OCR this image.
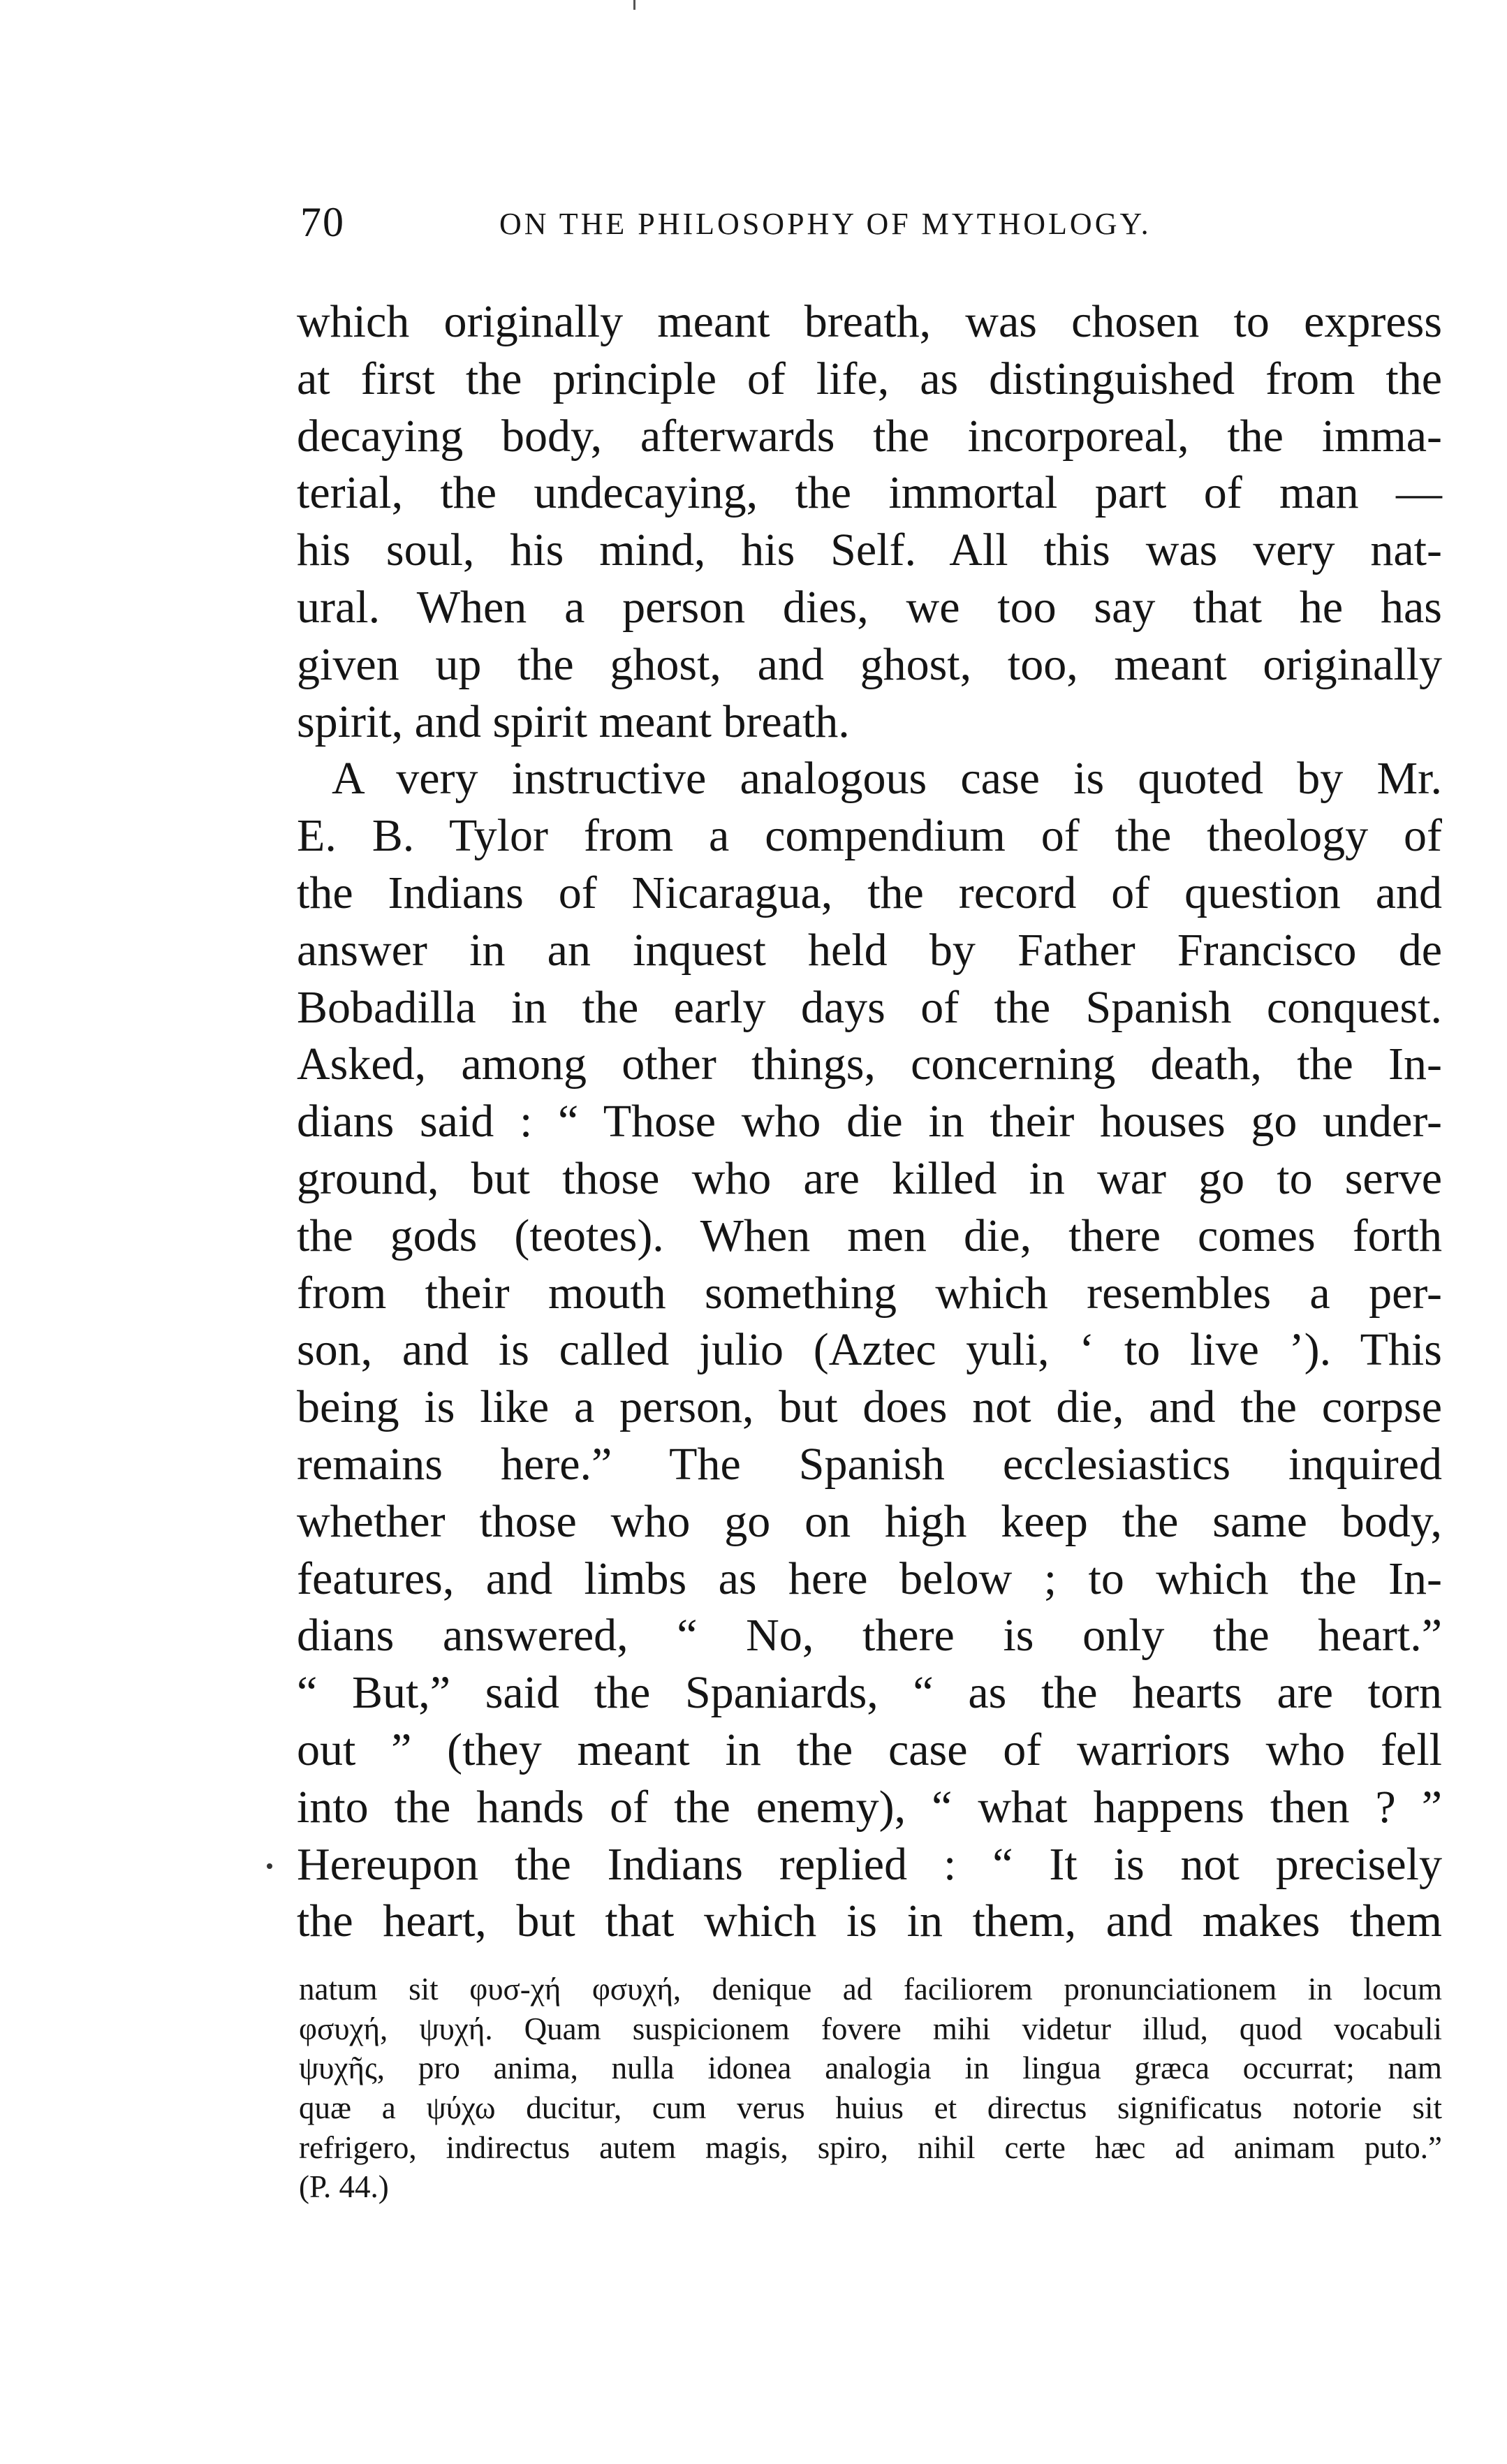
70	ON THE PHILOSOPHY OF MYTHOLOGY.
which originally meant breath, was chosen to express
at first the principle of life, as distinguished from the
decaying body, afterwards the incorporeal, the imma-
terial, the undecaying, the immortal part of man —
his soul, his mind, his Self. All this was very nat-
ural. When a person dies, we too say that he has
given up the ghost, and ghost, too, meant originally
spirit, and spirit meant breath.
A very instructive analogous case is quoted by Mr.
E. B. Tylor from a compendium of the theology of
the Indians of Nicaragua, the record of question and
answer in an inquest held by Father Francisco de
Bobadilla in the early days of the Spanish conquest.
Asked, among other things, concerning death, the In-
dians said : “ Those who die in their houses go under-
ground, but those who are killed in war go to serve
the gods (teotes). When men die, there comes forth
from their mouth something which resembles a per-
son, and is called julio (Aztec yuli, ‘ to live ’). This
being is like a person, but does not die, and the corpse
remains here.” The Spanish ecclesiastics inquired
whether those who go on high keep the same body,
features, and limbs as here below ; to which the In-
dians answered, “ No, there is only the heart.”
“ But,” said the Spaniards, “ as the hearts are torn
out ” (they meant in the case of warriors who fell
into the hands of the enemy), “ what happens then ? ”
Hereupon the Indians replied : “ It is not precisely
the heart, but that which is in them, and makes them
natum sit φυσ-χή φσυχή, denique ad faciliorem pronunciationem in locum
φσυχή, ψυχή. Quam suspicionem fovere mihi videtur illud, quod vocabuli
ψυχῆς, pro anima, nulla idonea analogia in lingua græca occurrat; nam
quæ a ψύχω ducitur, cum verus huius et directus significatus notorie sit
refrigero, indirectus autem magis, spiro, nihil certe hæc ad animam puto.”
(P. 44.)
